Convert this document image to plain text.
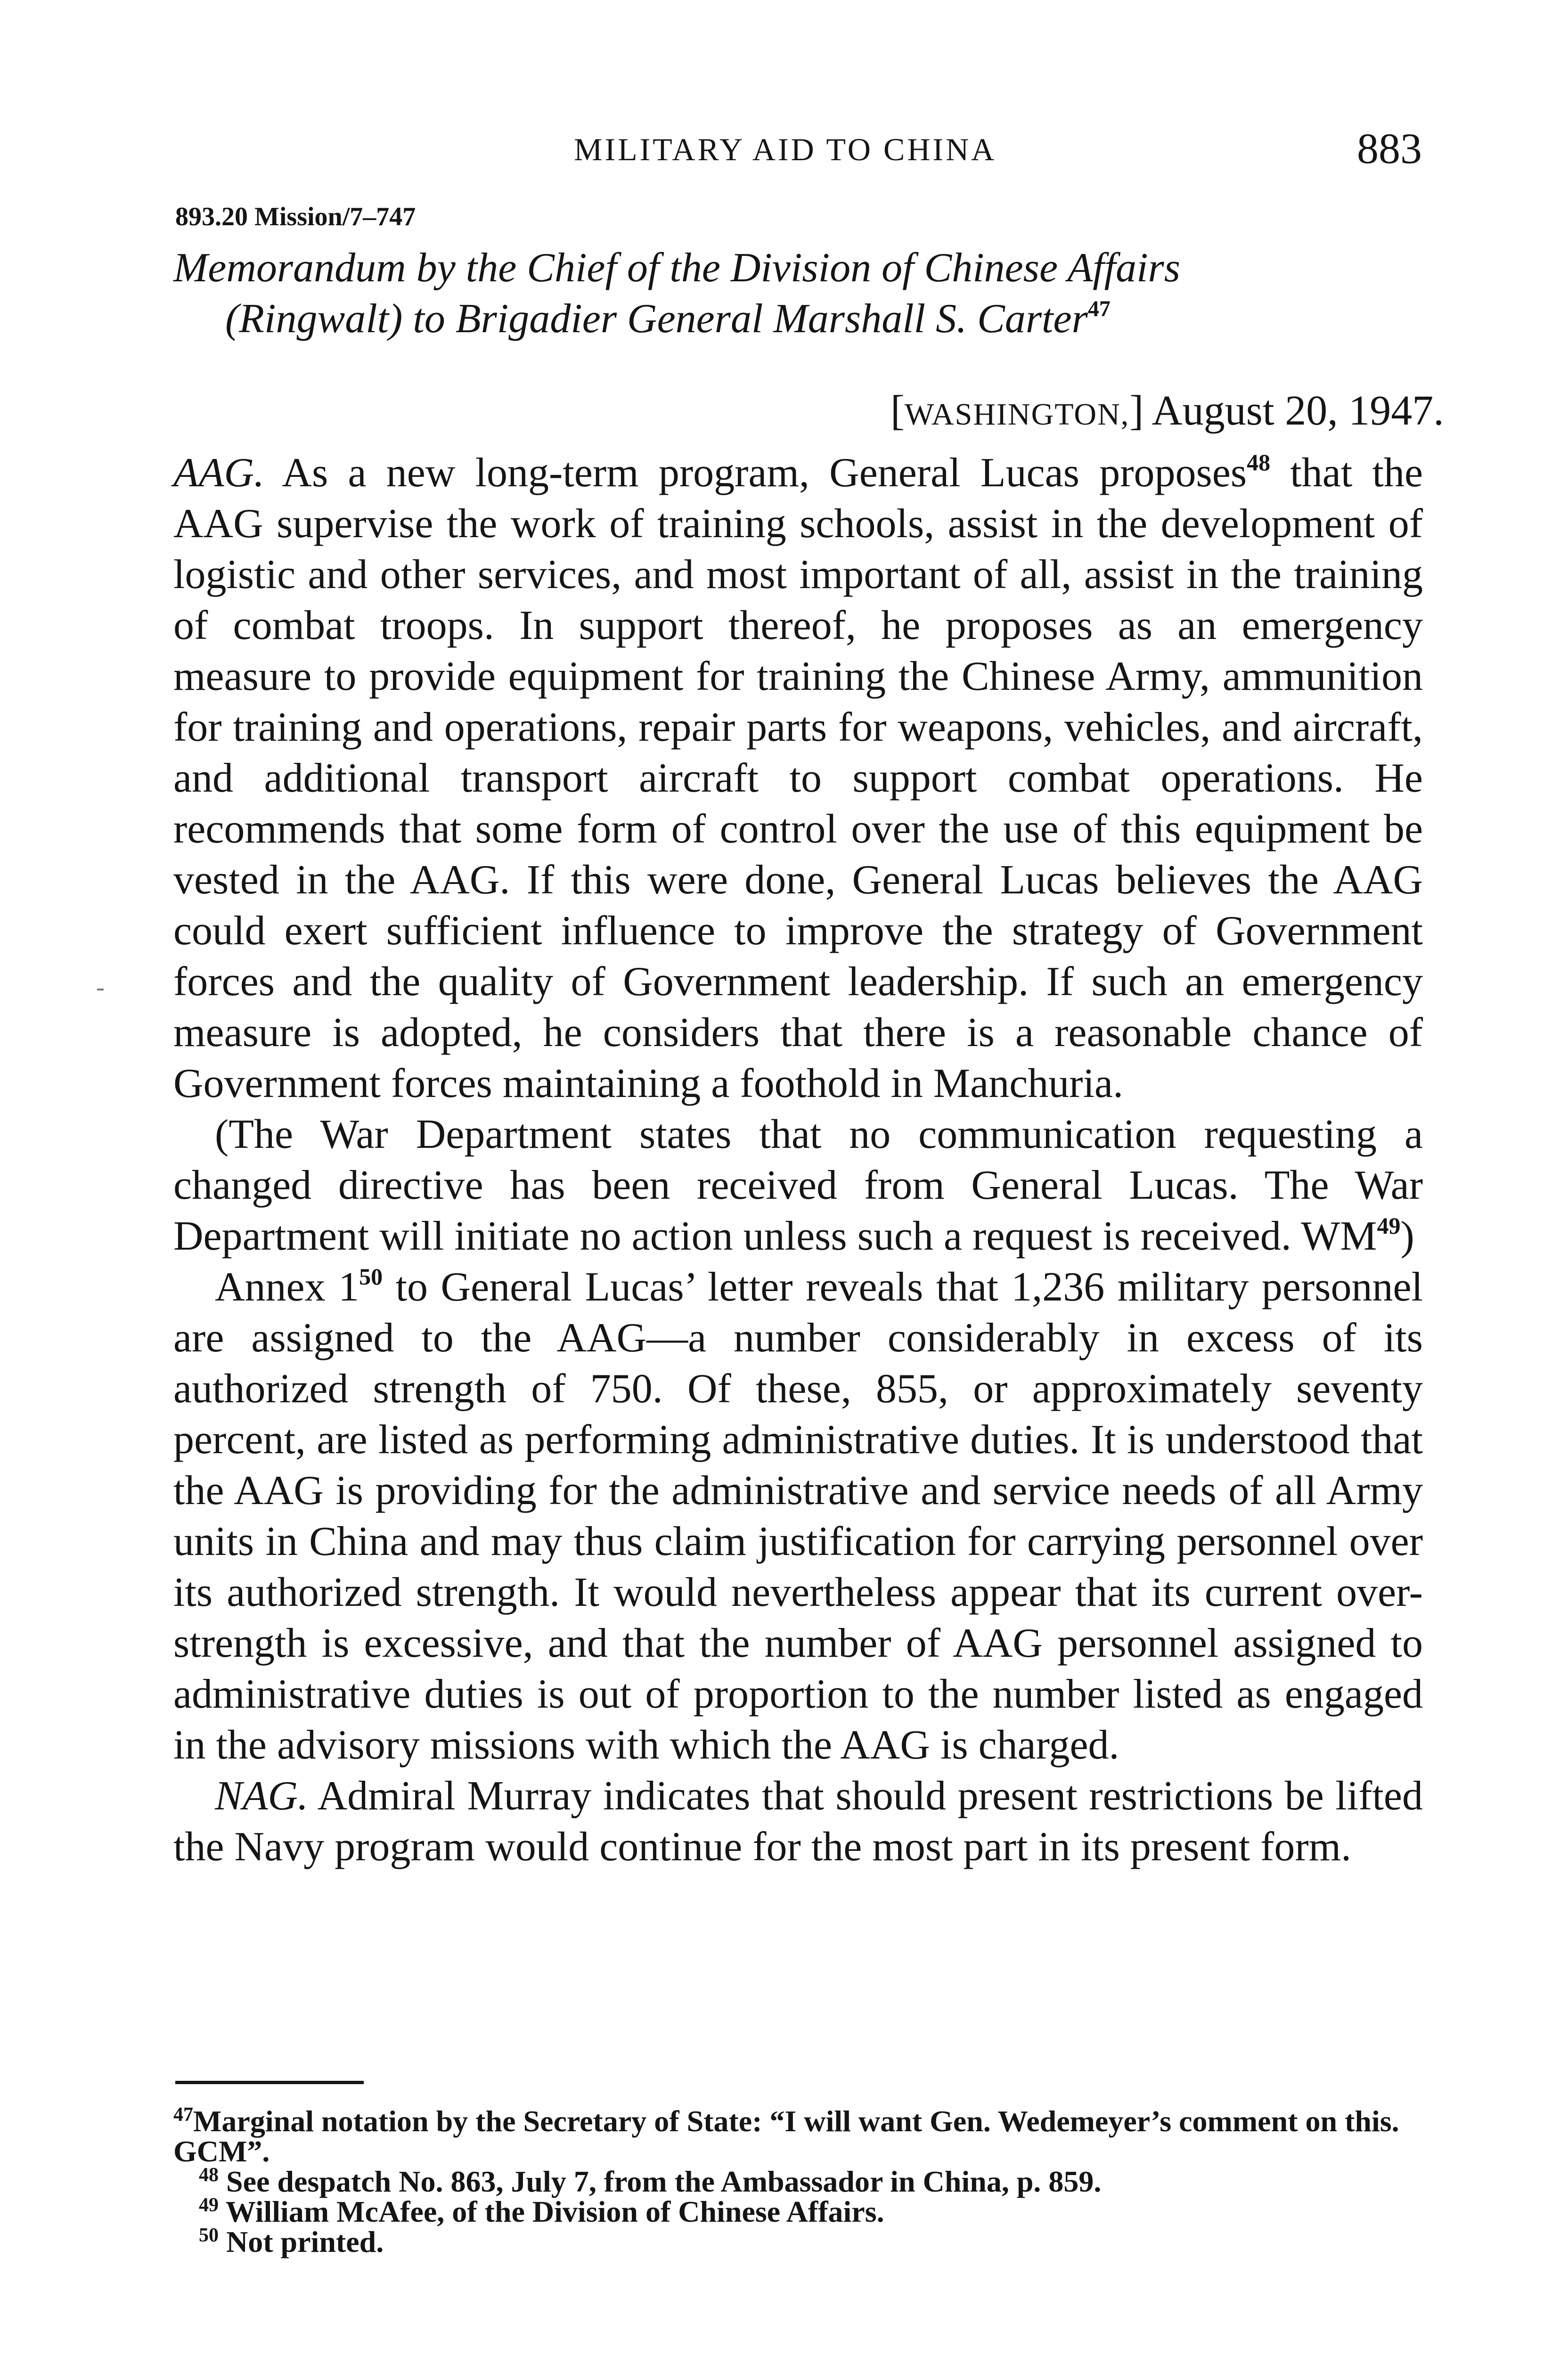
MILITARY AID TO CHINA	883
893.20 Mission/7–747
Memorandum by the Chief of the Division of Chinese Affairs
(Ringwalt) to Brigadier General Marshall S. Carter$^{47}$
[WASHINGTON,] August 20, 1947.

AAG. As a new long-term program, General Lucas proposes$^{48}$ that the AAG supervise the work of training schools, assist in the development of logistic and other services, and most important of all, assist in the training of combat troops. In support thereof, he proposes as an emergency measure to provide equipment for training the Chinese Army, ammunition for training and operations, repair parts for weapons, vehicles, and aircraft, and additional transport aircraft to support combat operations. He recommends that some form of control over the use of this equipment be vested in the AAG. If this were done, General Lucas believes the AAG could exert sufficient influence to improve the strategy of Government forces and the quality of Government leadership. If such an emergency measure is adopted, he considers that there is a reasonable chance of Government forces maintaining a foothold in Manchuria.

(The War Department states that no communication requesting a changed directive has been received from General Lucas. The War Department will initiate no action unless such a request is received. WM$^{49}$)

Annex $1^{50}$ to General Lucas’ letter reveals that 1,236 military personnel are assigned to the AAG—a number considerably in excess of its authorized strength of 750. Of these, 855, or approximately seventy percent, are listed as performing administrative duties. It is understood that the AAG is providing for the administrative and service needs of all Army units in China and may thus claim justification for carrying personnel over its authorized strength. It would nevertheless appear that its current over-strength is excessive, and that the number of AAG personnel assigned to administrative duties is out of proportion to the number listed as engaged in the advisory missions with which the AAG is charged.

NAG. Admiral Murray indicates that should present restrictions be lifted the Navy program would continue for the most part in its present form.

$^{47}$Marginal notation by the Secretary of State: “I will want Gen. Wedemeyer’s comment on this. GCM”.

$^{48}$ See despatch No. 863, July 7, from the Ambassador in China, p. 859.

$^{49}$ William McAfee, of the Division of Chinese Affairs.

$^{50}$ Not printed.
